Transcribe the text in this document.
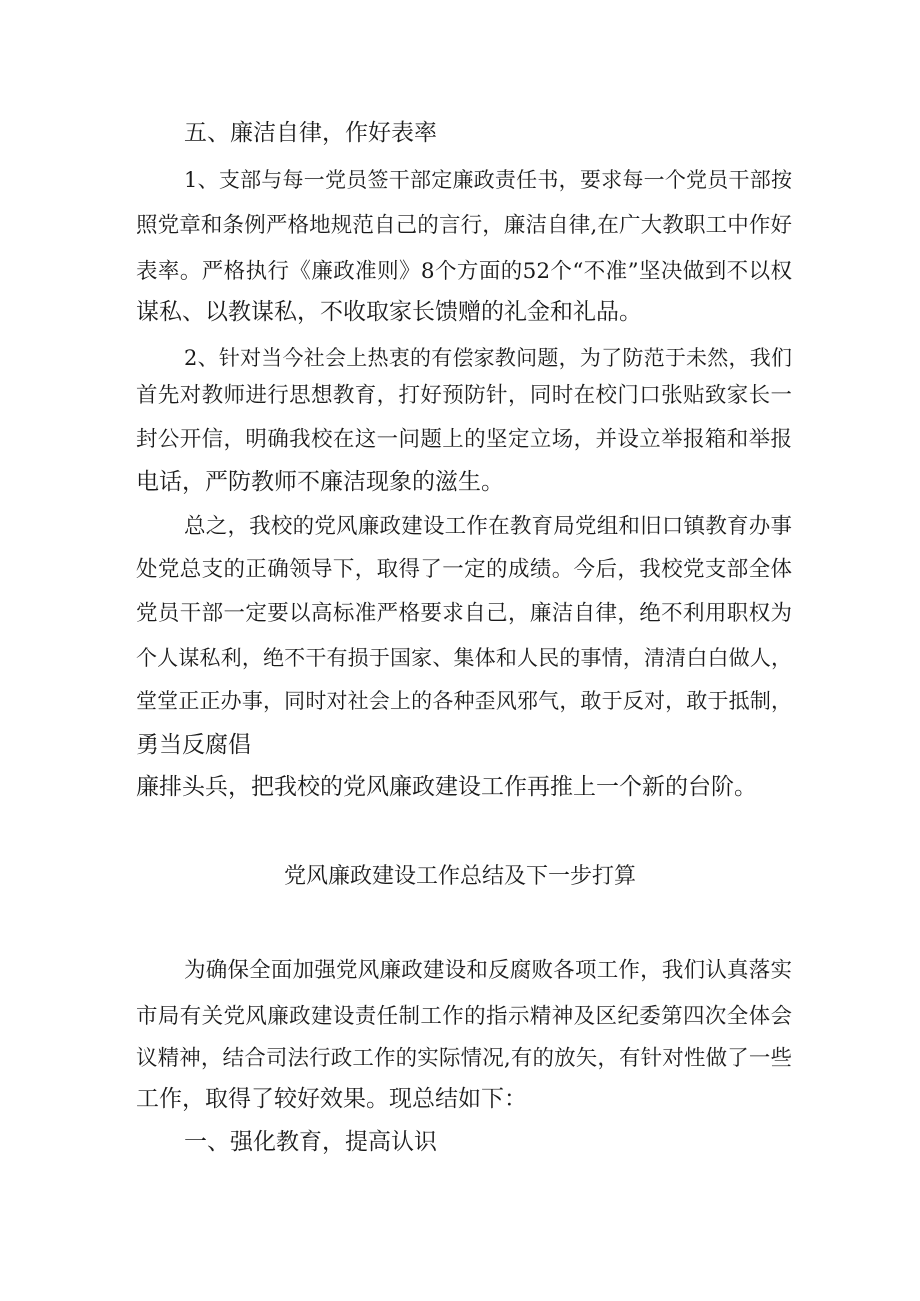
五、廉洁自律，作好表率

1、支部与每一党员签干部定廉政责任书，要求每一个党员干部按

照党章和条例严格地规范自己的言行，廉洁自律,在广大教职工中作好

表率。严格执行《廉政准则》8个方面的52个“不准”坚决做到不以权

谋私、以教谋私，不收取家长馈赠的礼金和礼品。

2、针对当今社会上热衷的有偿家教问题，为了防范于未然，我们

首先对教师进行思想教育，打好预防针，同时在校门口张贴致家长一

封公开信，明确我校在这一问题上的坚定立场，并设立举报箱和举报

电话，严防教师不廉洁现象的滋生。

总之，我校的党风廉政建设工作在教育局党组和旧口镇教育办事

处党总支的正确领导下，取得了一定的成绩。今后，我校党支部全体

党员干部一定要以高标准严格要求自己，廉洁自律，绝不利用职权为

个人谋私利，绝不干有损于国家、集体和人民的事情，清清白白做人，

堂堂正正办事，同时对社会上的各种歪风邪气，敢于反对，敢于抵制，

勇当反腐倡

廉排头兵，把我校的党风廉政建设工作再推上一个新的台阶。

党风廉政建设工作总结及下一步打算

为确保全面加强党风廉政建设和反腐败各项工作，我们认真落实

市局有关党风廉政建设责任制工作的指示精神及区纪委第四次全体会

议精神，结合司法行政工作的实际情况,有的放矢，有针对性做了一些

工作，取得了较好效果。现总结如下：

一、强化教育，提高认识
